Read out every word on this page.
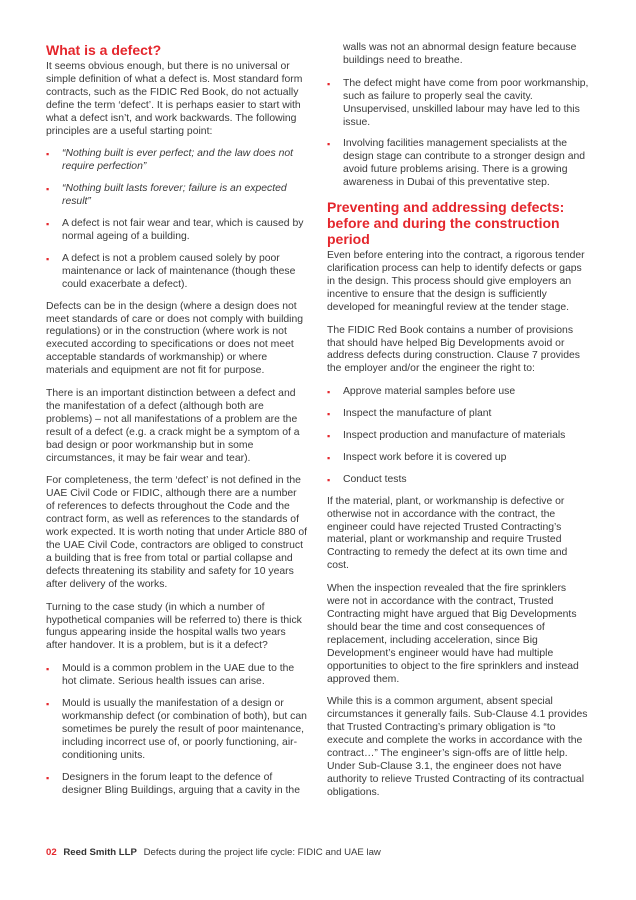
What is a defect?

It seems obvious enough, but there is no universal or simple definition of what a defect is. Most standard form contracts, such as the FIDIC Red Book, do not actually define the term ‘defect’. It is perhaps easier to start with what a defect isn’t, and work backwards. The following principles are a useful starting point:

▪ “Nothing built is ever perfect; and the law does not require perfection”
▪ “Nothing built lasts forever; failure is an expected result”
▪ A defect is not fair wear and tear, which is caused by normal ageing of a building.
▪ A defect is not a problem caused solely by poor maintenance or lack of maintenance (though these could exacerbate a defect).

Defects can be in the design (where a design does not meet standards of care or does not comply with building regulations) or in the construction (where work is not executed according to specifications or does not meet acceptable standards of workmanship) or where materials and equipment are not fit for purpose.

There is an important distinction between a defect and the manifestation of a defect (although both are problems) – not all manifestations of a problem are the result of a defect (e.g. a crack might be a symptom of a bad design or poor workmanship but in some circumstances, it may be fair wear and tear).

For completeness, the term ‘defect’ is not defined in the UAE Civil Code or FIDIC, although there are a number of references to defects throughout the Code and the contract form, as well as references to the standards of work expected. It is worth noting that under Article 880 of the UAE Civil Code, contractors are obliged to construct a building that is free from total or partial collapse and defects threatening its stability and safety for 10 years after delivery of the works.

Turning to the case study (in which a number of hypothetical companies will be referred to) there is thick fungus appearing inside the hospital walls two years after handover. It is a problem, but is it a defect?

▪ Mould is a common problem in the UAE due to the hot climate. Serious health issues can arise.
▪ Mould is usually the manifestation of a design or workmanship defect (or combination of both), but can sometimes be purely the result of poor maintenance, including incorrect use of, or poorly functioning, air-conditioning units.
▪ Designers in the forum leapt to the defence of designer Bling Buildings, arguing that a cavity in the

walls was not an abnormal design feature because buildings need to breathe.

▪ The defect might have come from poor workmanship, such as failure to properly seal the cavity. Unsupervised, unskilled labour may have led to this issue.
▪ Involving facilities management specialists at the design stage can contribute to a stronger design and avoid future problems arising. There is a growing awareness in Dubai of this preventative step.
Preventing and addressing defects: before and during the construction period

Even before entering into the contract, a rigorous tender clarification process can help to identify defects or gaps in the design. This process should give employers an incentive to ensure that the design is sufficiently developed for meaningful review at the tender stage.

The FIDIC Red Book contains a number of provisions that should have helped Big Developments avoid or address defects during construction. Clause 7 provides the employer and/or the engineer the right to:

▪ Approve material samples before use
▪ Inspect the manufacture of plant
▪ Inspect production and manufacture of materials
▪ Inspect work before it is covered up
▪ Conduct tests

If the material, plant, or workmanship is defective or otherwise not in accordance with the contract, the engineer could have rejected Trusted Contracting’s material, plant or workmanship and require Trusted Contracting to remedy the defect at its own time and cost.

When the inspection revealed that the fire sprinklers were not in accordance with the contract, Trusted Contracting might have argued that Big Developments should bear the time and cost consequences of replacement, including acceleration, since Big Development’s engineer would have had multiple opportunities to object to the fire sprinklers and instead approved them.

While this is a common argument, absent special circumstances it generally fails. Sub-Clause 4.1 provides that Trusted Contracting’s primary obligation is “to execute and complete the works in accordance with the contract…” The engineer’s sign-offs are of little help. Under Sub-Clause 3.1, the engineer does not have authority to relieve Trusted Contracting of its contractual obligations.

02 Reed Smith LLP Defects during the project life cycle: FIDIC and UAE law
